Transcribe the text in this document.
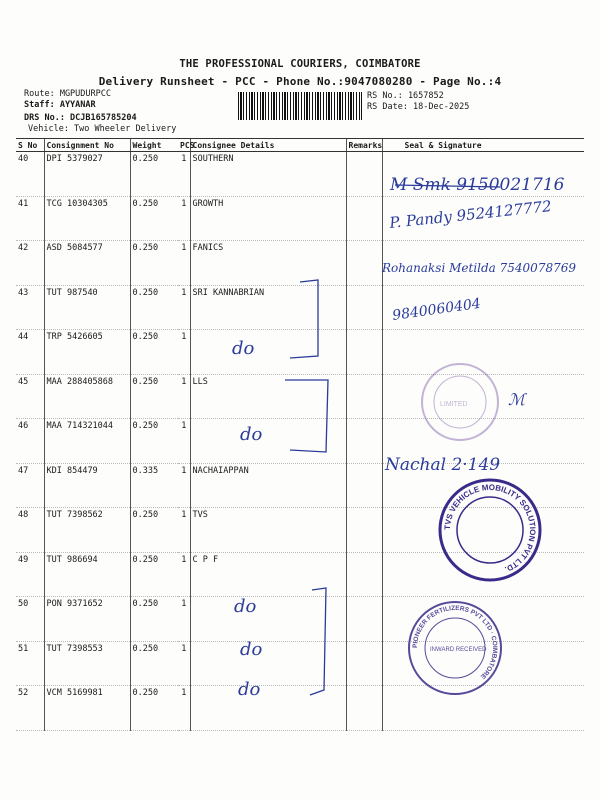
THE PROFESSIONAL COURIERS, COIMBATORE
Delivery Runsheet - PCC - Phone No.:9047080280 - Page No.:4
Route: MGPUDURPCC
Staff: AYYANAR
DRS No.: DCJB165785204
Vehicle: Two Wheeler Delivery
RS No.: 1657852
RS Date: 18-Dec-2025
S No	Consignment No	Weight	PCS	Consignee Details	Remarks	Seal & Signature
40	DPI 5379027	0.250	1	SOUTHERN		
41	TCG 10304305	0.250	1	GROWTH		
42	ASD 5084577	0.250	1	FANICS		
43	TUT 987540	0.250	1	SRI KANNABRIAN		
44	TRP 5426605	0.250	1			
45	MAA 288405868	0.250	1	LLS		
46	MAA 714321044	0.250	1			
47	KDI 854479	0.335	1	NACHAIAPPAN		
48	TUT 7398562	0.250	1	TVS		
49	TUT 986694	0.250	1	C P F		
50	PON 9371652	0.250	1			
51	TUT 7398553	0.250	1			
52	VCM 5169981	0.250	1			
M Smk 9150021716
P. Pandy 9524127772
Rohanaksi Metilda 7540078769
9840060404
Nachal 2·149
do
do
do
do
do
LIMITED	ℳ
TVS VEHICLE MOBILITY SOLUTION PVT LTD.
PIONEER FERTILIZERS PVT LTD · COIMBATORE
INWARD RECEIVED
